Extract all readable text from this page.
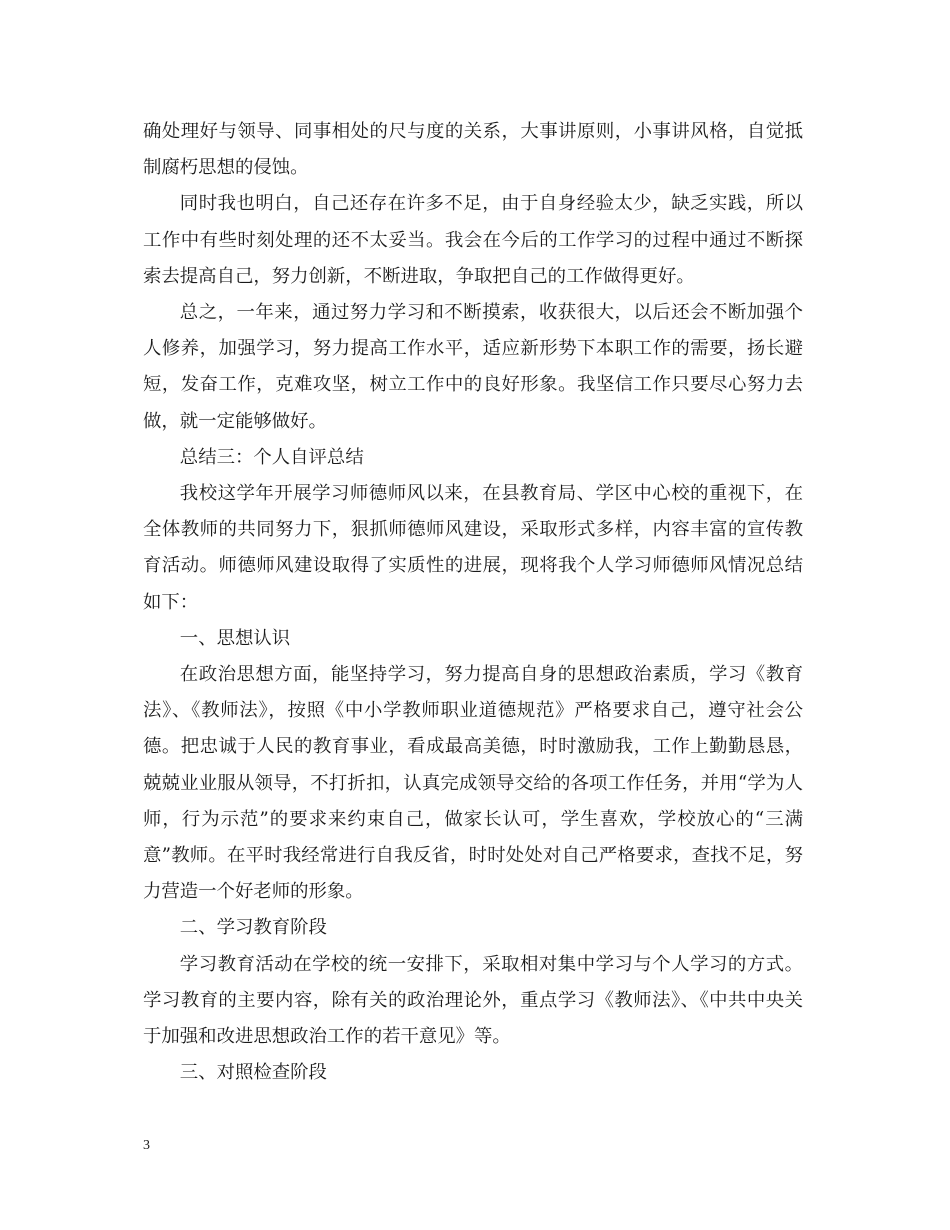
确处理好与领导、同事相处的尺与度的关系，大事讲原则，小事讲风格，自觉抵制腐朽思想的侵蚀。

同时我也明白，自己还存在许多不足，由于自身经验太少，缺乏实践，所以工作中有些时刻处理的还不太妥当。我会在今后的工作学习的过程中通过不断探索去提高自己，努力创新，不断进取，争取把自己的工作做得更好。

总之，一年来，通过努力学习和不断摸索，收获很大，以后还会不断加强个人修养，加强学习，努力提高工作水平，适应新形势下本职工作的需要，扬长避短，发奋工作，克难攻坚，树立工作中的良好形象。我坚信工作只要尽心努力去做，就一定能够做好。

总结三：个人自评总结

我校这学年开展学习师德师风以来，在县教育局、学区中心校的重视下，在全体教师的共同努力下，狠抓师德师风建设，采取形式多样，内容丰富的宣传教育活动。师德师风建设取得了实质性的进展，现将我个人学习师德师风情况总结如下：

一、思想认识

在政治思想方面，能坚持学习，努力提高自身的思想政治素质，学习《教育法》、《教师法》，按照《中小学教师职业道德规范》严格要求自己，遵守社会公德。把忠诚于人民的教育事业，看成最高美德，时时激励我，工作上勤勤恳恳，兢兢业业服从领导，不打折扣，认真完成领导交给的各项工作任务，并用“学为人师，行为示范”的要求来约束自己，做家长认可，学生喜欢，学校放心的“三满意”教师。在平时我经常进行自我反省，时时处处对自己严格要求，查找不足，努力营造一个好老师的形象。

二、学习教育阶段

学习教育活动在学校的统一安排下，采取相对集中学习与个人学习的方式。学习教育的主要内容，除有关的政治理论外，重点学习《教师法》、《中共中央关于加强和改进思想政治工作的若干意见》等。

三、对照检查阶段

3
